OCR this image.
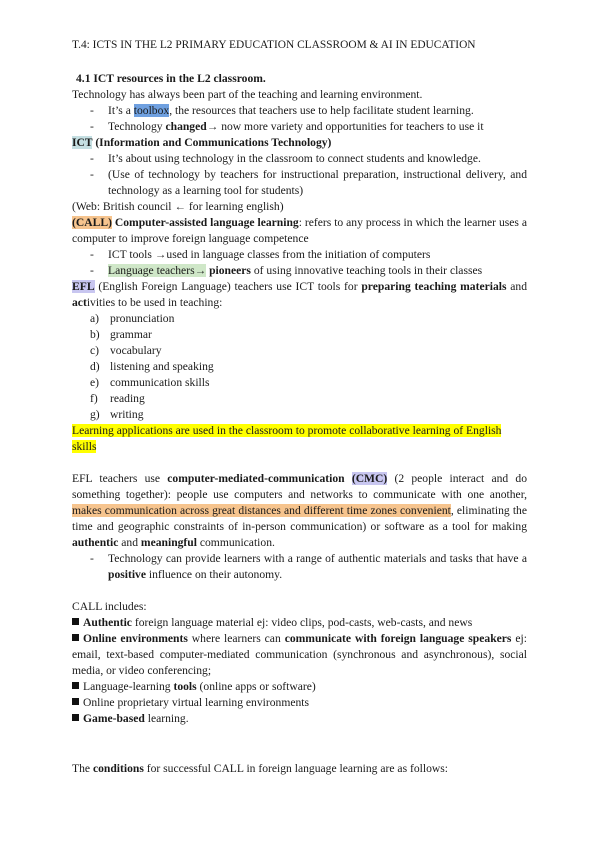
T.4: ICTS IN THE L2 PRIMARY EDUCATION CLASSROOM & AI IN EDUCATION
4.1 ICT resources in the L2 classroom.

Technology has always been part of the teaching and learning environment.

- It’s a toolbox, the resources that teachers use to help facilitate student learning.
- Technology changed→ now more variety and opportunities for teachers to use it

ICT (Information and Communications Technology)

- It’s about using technology in the classroom to connect students and knowledge.
- (Use of technology by teachers for instructional preparation, instructional delivery, and technology as a learning tool for students)

(Web: British council ← for learning english)

(CALL) Computer-assisted language learning: refers to any process in which the learner uses a computer to improve foreign language competence

- ICT tools →used in language classes from the initiation of computers
- Language teachers→ pioneers of using innovative teaching tools in their classes

EFL (English Foreign Language) teachers use ICT tools for preparing teaching materials and activities to be used in teaching:

a) pronunciation
b) grammar
c) vocabulary
d) listening and speaking
e) communication skills
f) reading
g) writing

Learning applications are used in the classroom to promote collaborative learning of English skills

EFL teachers use computer-mediated-communication (CMC) (2 people interact and do something together): people use computers and networks to communicate with one another, makes communication across great distances and different time zones convenient, eliminating the time and geographic constraints of in-person communication) or software as a tool for making authentic and meaningful communication.

- Technology can provide learners with a range of authentic materials and tasks that have a positive influence on their autonomy.

CALL includes:

Authentic foreign language material ej: video clips, pod-casts, web-casts, and news

Online environments where learners can communicate with foreign language speakers ej: email, text-based computer-mediated communication (synchronous and asynchronous), social media, or video conferencing;

Language-learning tools (online apps or software)

Online proprietary virtual learning environments

Game-based learning.

The conditions for successful CALL in foreign language learning are as follows:
